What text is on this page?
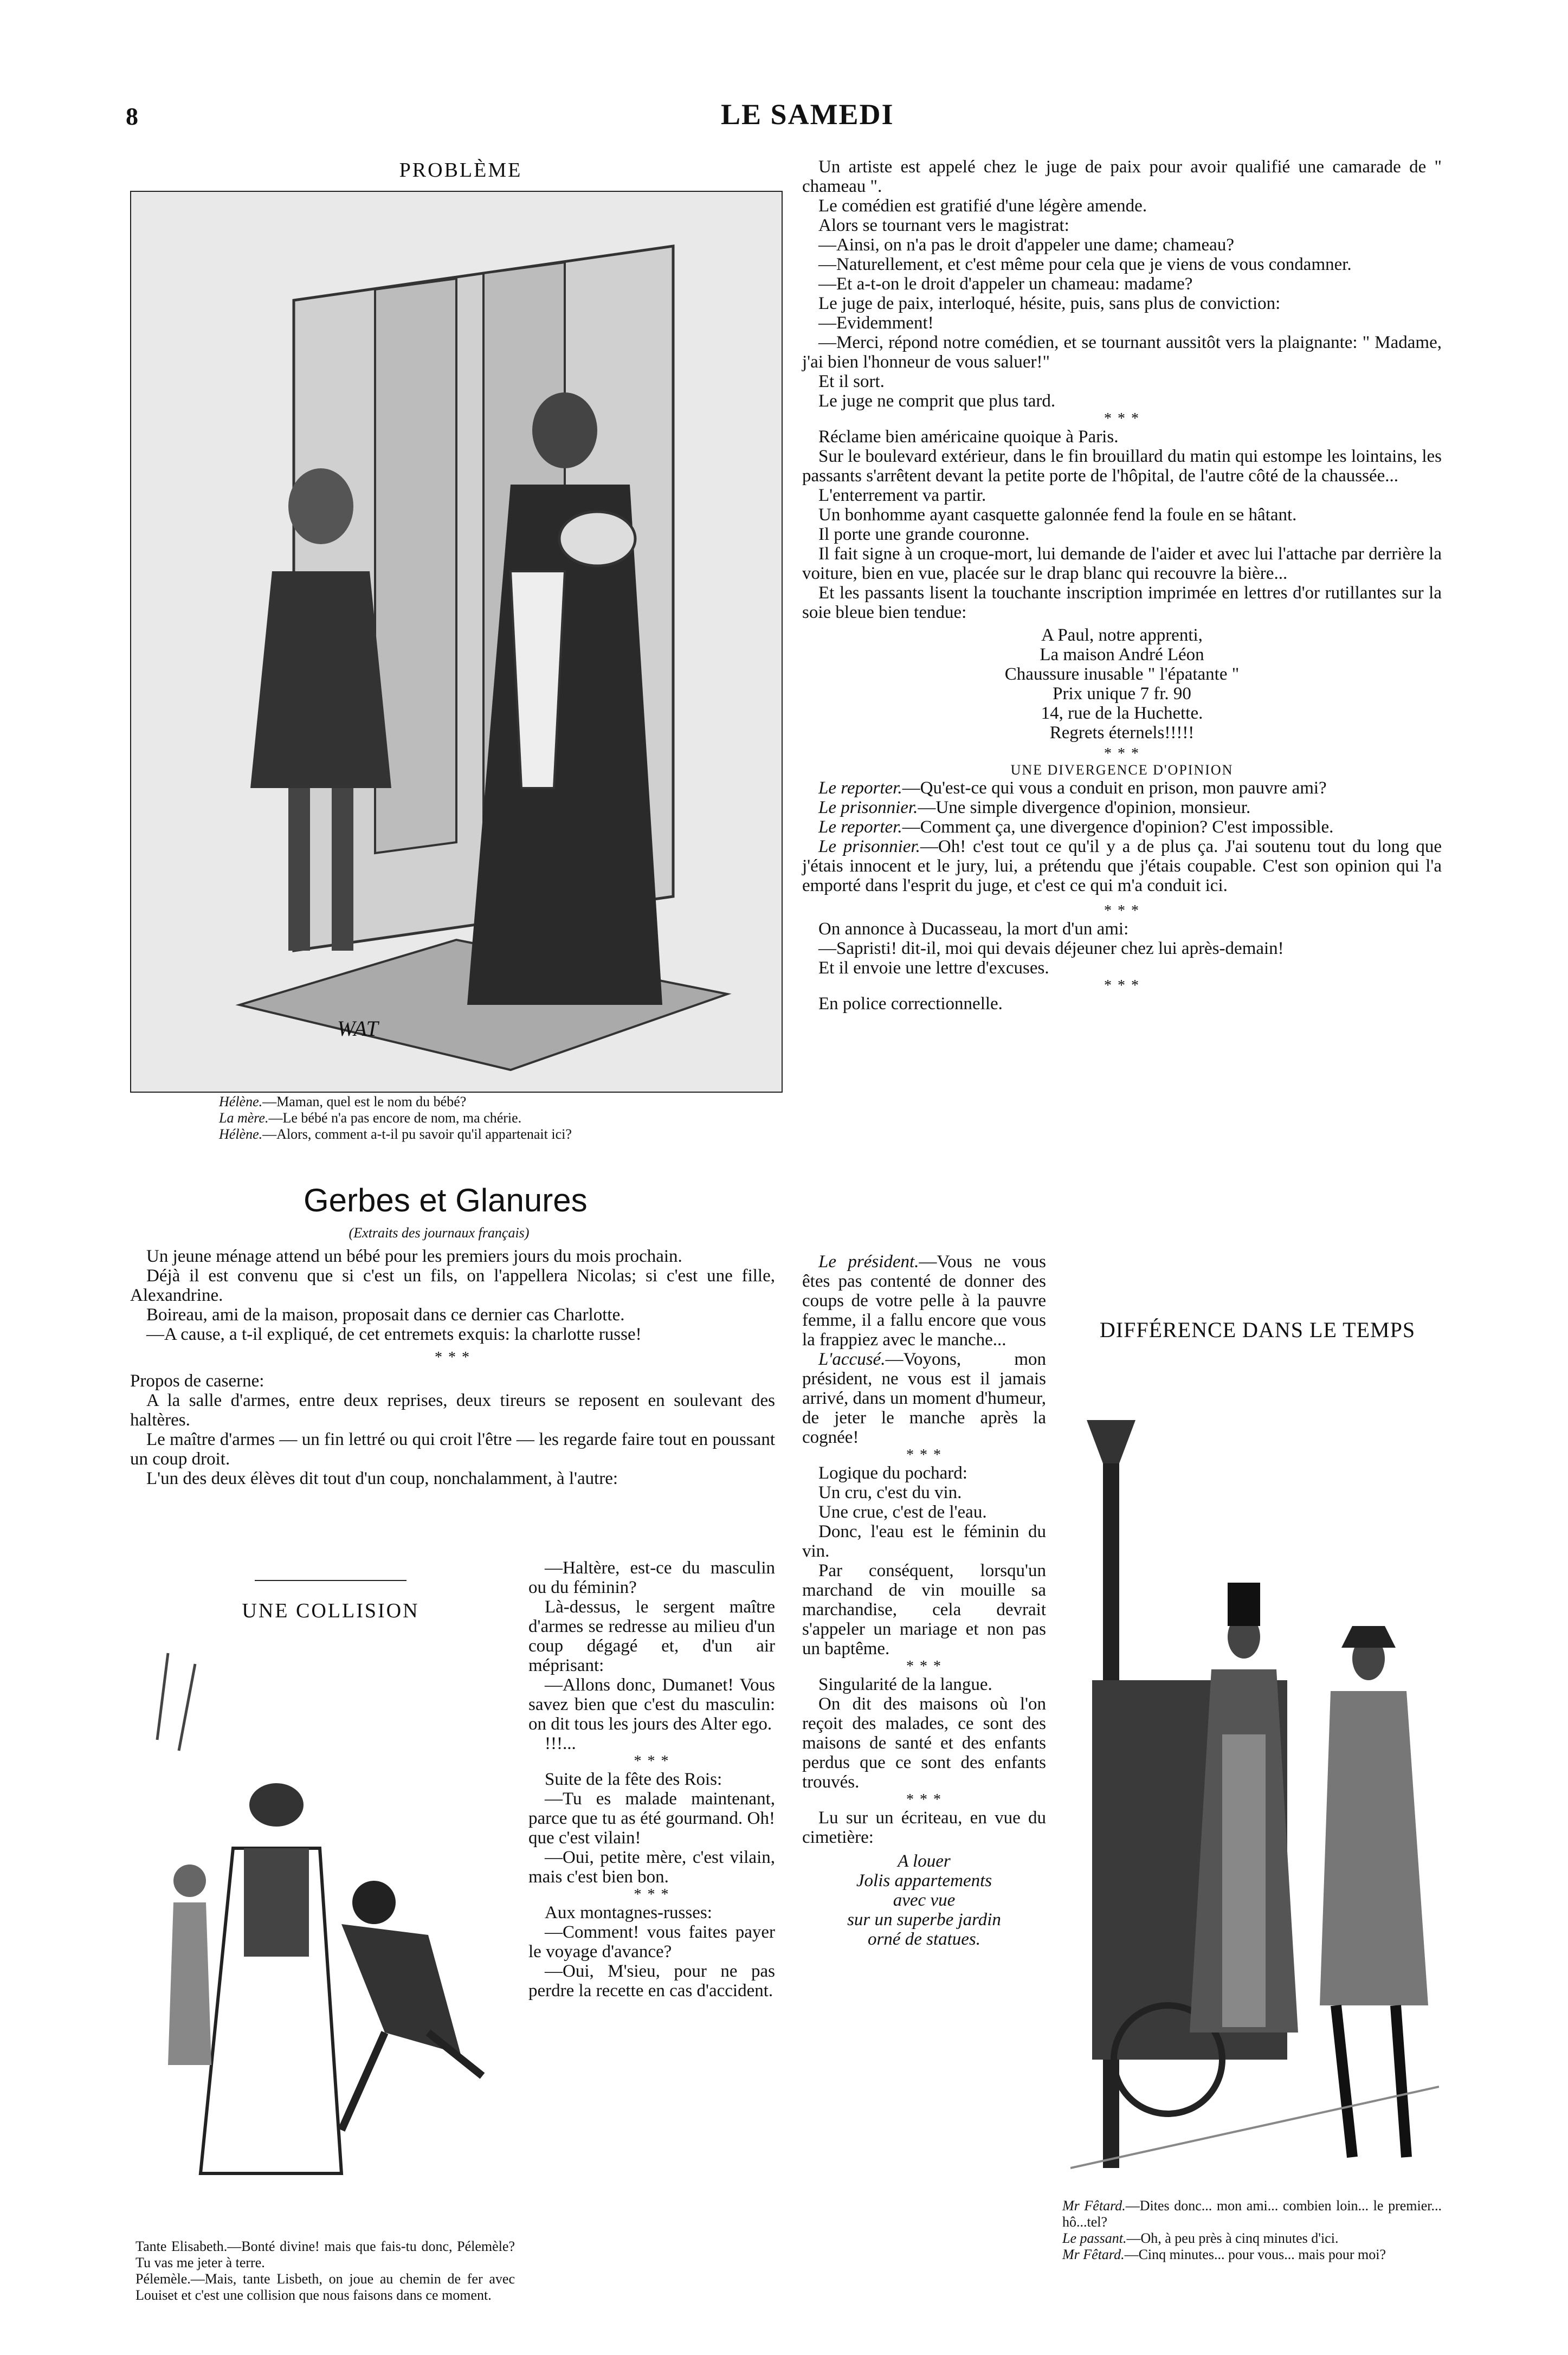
8	LE SAMEDI
PROBLÈME
WAT
Hélène.—Maman, quel est le nom du bébé?
La mère.—Le bébé n'a pas encore de nom, ma chérie.
Hélène.—Alors, comment a-t-il pu savoir qu'il appartenait ici?
Gerbes et Glanures
(Extraits des journaux français)

Un jeune ménage attend un bébé pour les premiers jours du mois prochain.

Déjà il est convenu que si c'est un fils, on l'appellera Nicolas; si c'est une fille, Alexandrine.

Boireau, ami de la maison, proposait dans ce dernier cas Charlotte.

—A cause, a t-il expliqué, de cet entremets exquis: la charlotte russe!

* * *

Propos de caserne:

A la salle d'armes, entre deux reprises, deux tireurs se reposent en soulevant des haltères.

Le maître d'armes — un fin lettré ou qui croit l'être — les regarde faire tout en poussant un coup droit.

L'un des deux élèves dit tout d'un coup, nonchalamment, à l'autre:

UNE COLLISION

Tante Elisabeth.—Bonté divine! mais que fais-tu donc, Pélemèle? Tu vas me jeter à terre.

Pélemèle.—Mais, tante Lisbeth, on joue au chemin de fer avec Louiset et c'est une collision que nous faisons dans ce moment.

—Haltère, est-ce du masculin ou du féminin?

Là-dessus, le sergent maître d'armes se redresse au milieu d'un coup dégagé et, d'un air méprisant:

—Allons donc, Dumanet! Vous savez bien que c'est du masculin: on dit tous les jours des Alter ego.

!!!...

* * *

Suite de la fête des Rois:

—Tu es malade maintenant, parce que tu as été gourmand. Oh! que c'est vilain!

—Oui, petite mère, c'est vilain, mais c'est bien bon.

* * *

Aux montagnes-russes:

—Comment! vous faites payer le voyage d'avance?

—Oui, M'sieu, pour ne pas perdre la recette en cas d'accident.

Un artiste est appelé chez le juge de paix pour avoir qualifié une camarade de " chameau ".

Le comédien est gratifié d'une légère amende.

Alors se tournant vers le magistrat:

—Ainsi, on n'a pas le droit d'appeler une dame; chameau?

—Naturellement, et c'est même pour cela que je viens de vous condamner.

—Et a-t-on le droit d'appeler un chameau: madame?

Le juge de paix, interloqué, hésite, puis, sans plus de conviction:

—Evidemment!

—Merci, répond notre comédien, et se tournant aussitôt vers la plaignante: " Madame, j'ai bien l'honneur de vous saluer!"

Et il sort.

Le juge ne comprit que plus tard.

* * *

Réclame bien américaine quoique à Paris.

Sur le boulevard extérieur, dans le fin brouillard du matin qui estompe les lointains, les passants s'arrêtent devant la petite porte de l'hôpital, de l'autre côté de la chaussée...

L'enterrement va partir.

Un bonhomme ayant casquette galonnée fend la foule en se hâtant.

Il porte une grande couronne.

Il fait signe à un croque-mort, lui demande de l'aider et avec lui l'attache par derrière la voiture, bien en vue, placée sur le drap blanc qui recouvre la bière...

Et les passants lisent la touchante inscription imprimée en lettres d'or rutillantes sur la soie bleue bien tendue:

A Paul, notre apprenti,

La maison André Léon

Chaussure inusable " l'épatante "

Prix unique 7 fr. 90

14, rue de la Huchette.

Regrets éternels!!!!!

* * *
UNE DIVERGENCE D'OPINION

Le reporter.—Qu'est-ce qui vous a conduit en prison, mon pauvre ami?

Le prisonnier.—Une simple divergence d'opinion, monsieur.

Le reporter.—Comment ça, une divergence d'opinion? C'est impossible.

Le prisonnier.—Oh! c'est tout ce qu'il y a de plus ça. J'ai soutenu tout du long que j'étais innocent et le jury, lui, a prétendu que j'étais coupable. C'est son opinion qui l'a emporté dans l'esprit du juge, et c'est ce qui m'a conduit ici.

* * *

On annonce à Ducasseau, la mort d'un ami:

—Sapristi! dit-il, moi qui devais déjeuner chez lui après-demain!

Et il envoie une lettre d'excuses.

* * *

En police correctionnelle.

Le président.—Vous ne vous êtes pas contenté de donner des coups de votre pelle à la pauvre femme, il a fallu encore que vous la frappiez avec le manche...

L'accusé.—Voyons, mon président, ne vous est il jamais arrivé, dans un moment d'humeur, de jeter le manche après la cognée!

* * *

Logique du pochard:

Un cru, c'est du vin.

Une crue, c'est de l'eau.

Donc, l'eau est le féminin du vin.

Par conséquent, lorsqu'un marchand de vin mouille sa marchandise, cela devrait s'appeler un mariage et non pas un baptême.

* * *

Singularité de la langue.

On dit des maisons où l'on reçoit des malades, ce sont des maisons de santé et des enfants perdus que ce sont des enfants trouvés.

* * *

Lu sur un écriteau, en vue du cimetière:

A louer

Jolis appartements

avec vue

sur un superbe jardin

orné de statues.

DIFFÉRENCE DANS LE TEMPS

Mr Fêtard.—Dites donc... mon ami... combien loin... le premier... hô...tel?

Le passant.—Oh, à peu près à cinq minutes d'ici.

Mr Fêtard.—Cinq minutes... pour vous... mais pour moi?
